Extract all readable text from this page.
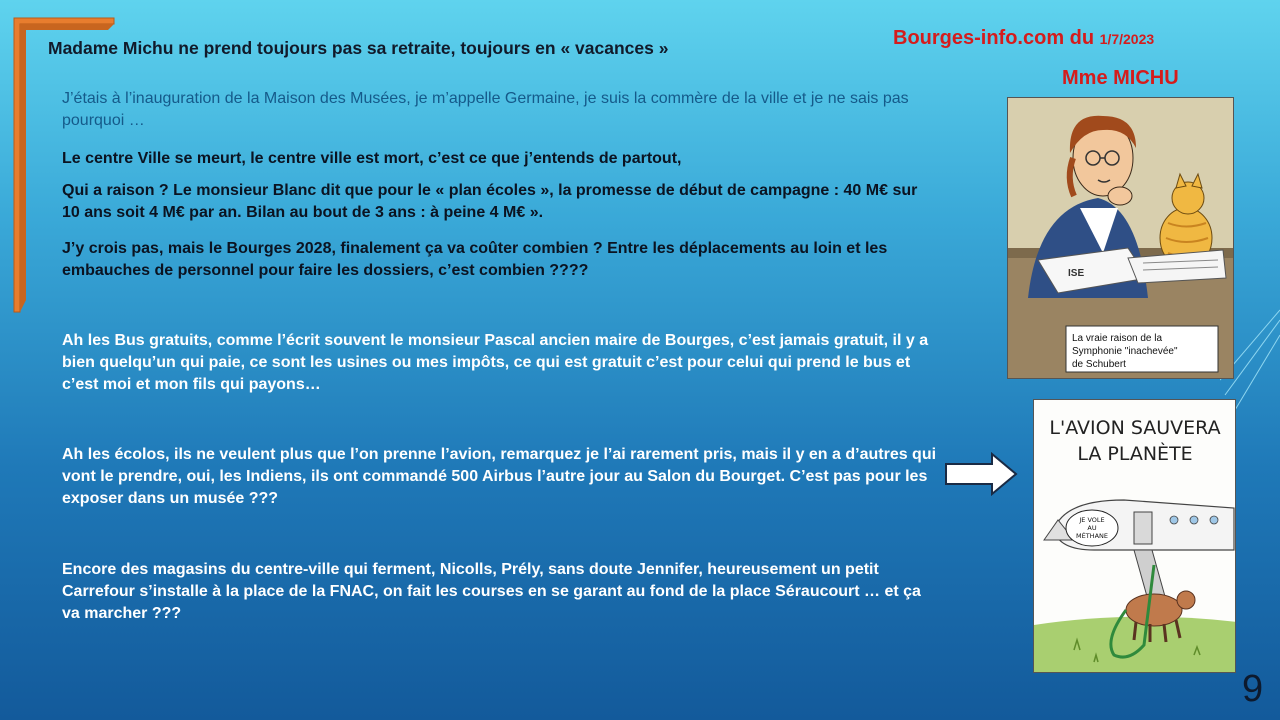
Madame Michu ne prend toujours pas sa retraite, toujours en « vacances »	Bourges-info.com du 1/7/2023
Mme MICHU
J’étais à l’inauguration de la Maison des Musées, je m’appelle Germaine, je suis la commère de la ville et je ne sais pas pourquoi …
Le centre Ville se meurt, le centre ville est mort, c’est ce que j’entends de partout,
Qui a raison ? Le monsieur Blanc dit que pour le « plan écoles », la promesse de début de campagne : 40 M€ sur 10 ans soit 4 M€ par an. Bilan au bout de 3 ans : à peine 4 M€ ».
J’y crois pas, mais le Bourges 2028, finalement ça va coûter combien ? Entre les déplacements au loin et les embauches de personnel pour faire les dossiers, c’est combien ????
Ah les Bus gratuits, comme l’écrit souvent le monsieur Pascal ancien maire de Bourges, c’est jamais gratuit, il y a bien quelqu’un qui paie, ce sont les usines ou mes impôts, ce qui est gratuit c’est pour celui qui prend le bus et c’est moi et mon fils qui payons…
Ah les écolos, ils ne veulent plus que l’on prenne l’avion, remarquez je l’ai rarement pris, mais il y en a d’autres qui vont le prendre, oui, les Indiens, ils ont commandé 500 Airbus l’autre jour au Salon du Bourget. C’est pas pour les exposer dans un musée ???
Encore des magasins du centre-ville qui ferment, Nicolls, Prély, sans doute Jennifer, heureusement un petit Carrefour s’installe à la place de la FNAC, on fait les courses en se garant au fond de la place Séraucourt … et ça va marcher ???
ISE
La vraie raison de la
Symphonie "inachevée"
de Schubert
L'AVION SAUVERA
LA PLANÈTE
JE VOLE
AU
MÉTHANE
9
